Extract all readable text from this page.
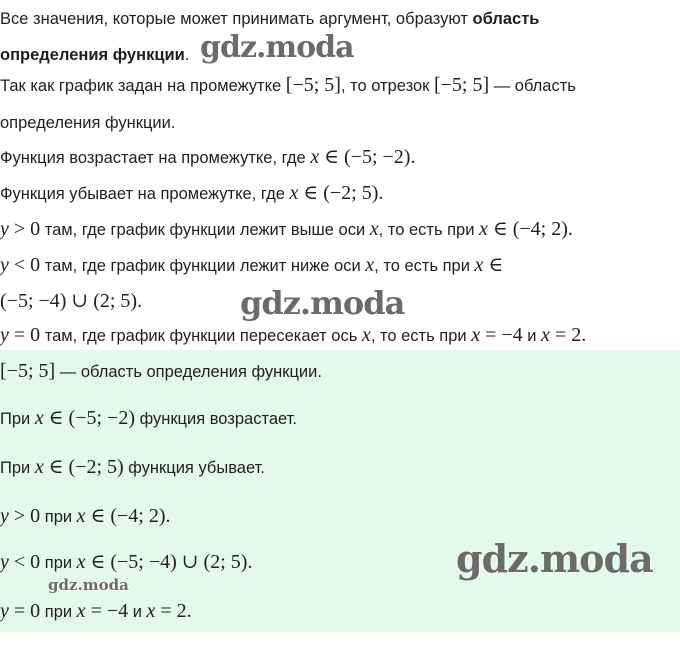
Все значения, которые может принимать аргумент, образуют область
определения функции.
Так как график задан на промежутке [−5; 5], то отрезок [−5; 5] — область
определения функции.
Функция возрастает на промежутке, где x ∈ (−5; −2).
Функция убывает на промежутке, где x ∈ (−2; 5).
y > 0 там, где график функции лежит выше оси x, то есть при x ∈ (−4; 2).
y < 0 там, где график функции лежит ниже оси x, то есть при x ∈
(−5; −4) ∪ (2; 5).
y = 0 там, где график функции пересекает ось x, то есть при x = −4 и x = 2.
[−5; 5] — область определения функции.
При x ∈ (−5; −2) функция возрастает.
При x ∈ (−2; 5) функция убывает.
y > 0 при x ∈ (−4; 2).
y < 0 при x ∈ (−5; −4) ∪ (2; 5).
y = 0 при x = −4 и x = 2.
gdz.moda
gdz.moda
gdz.moda
gdz.moda
